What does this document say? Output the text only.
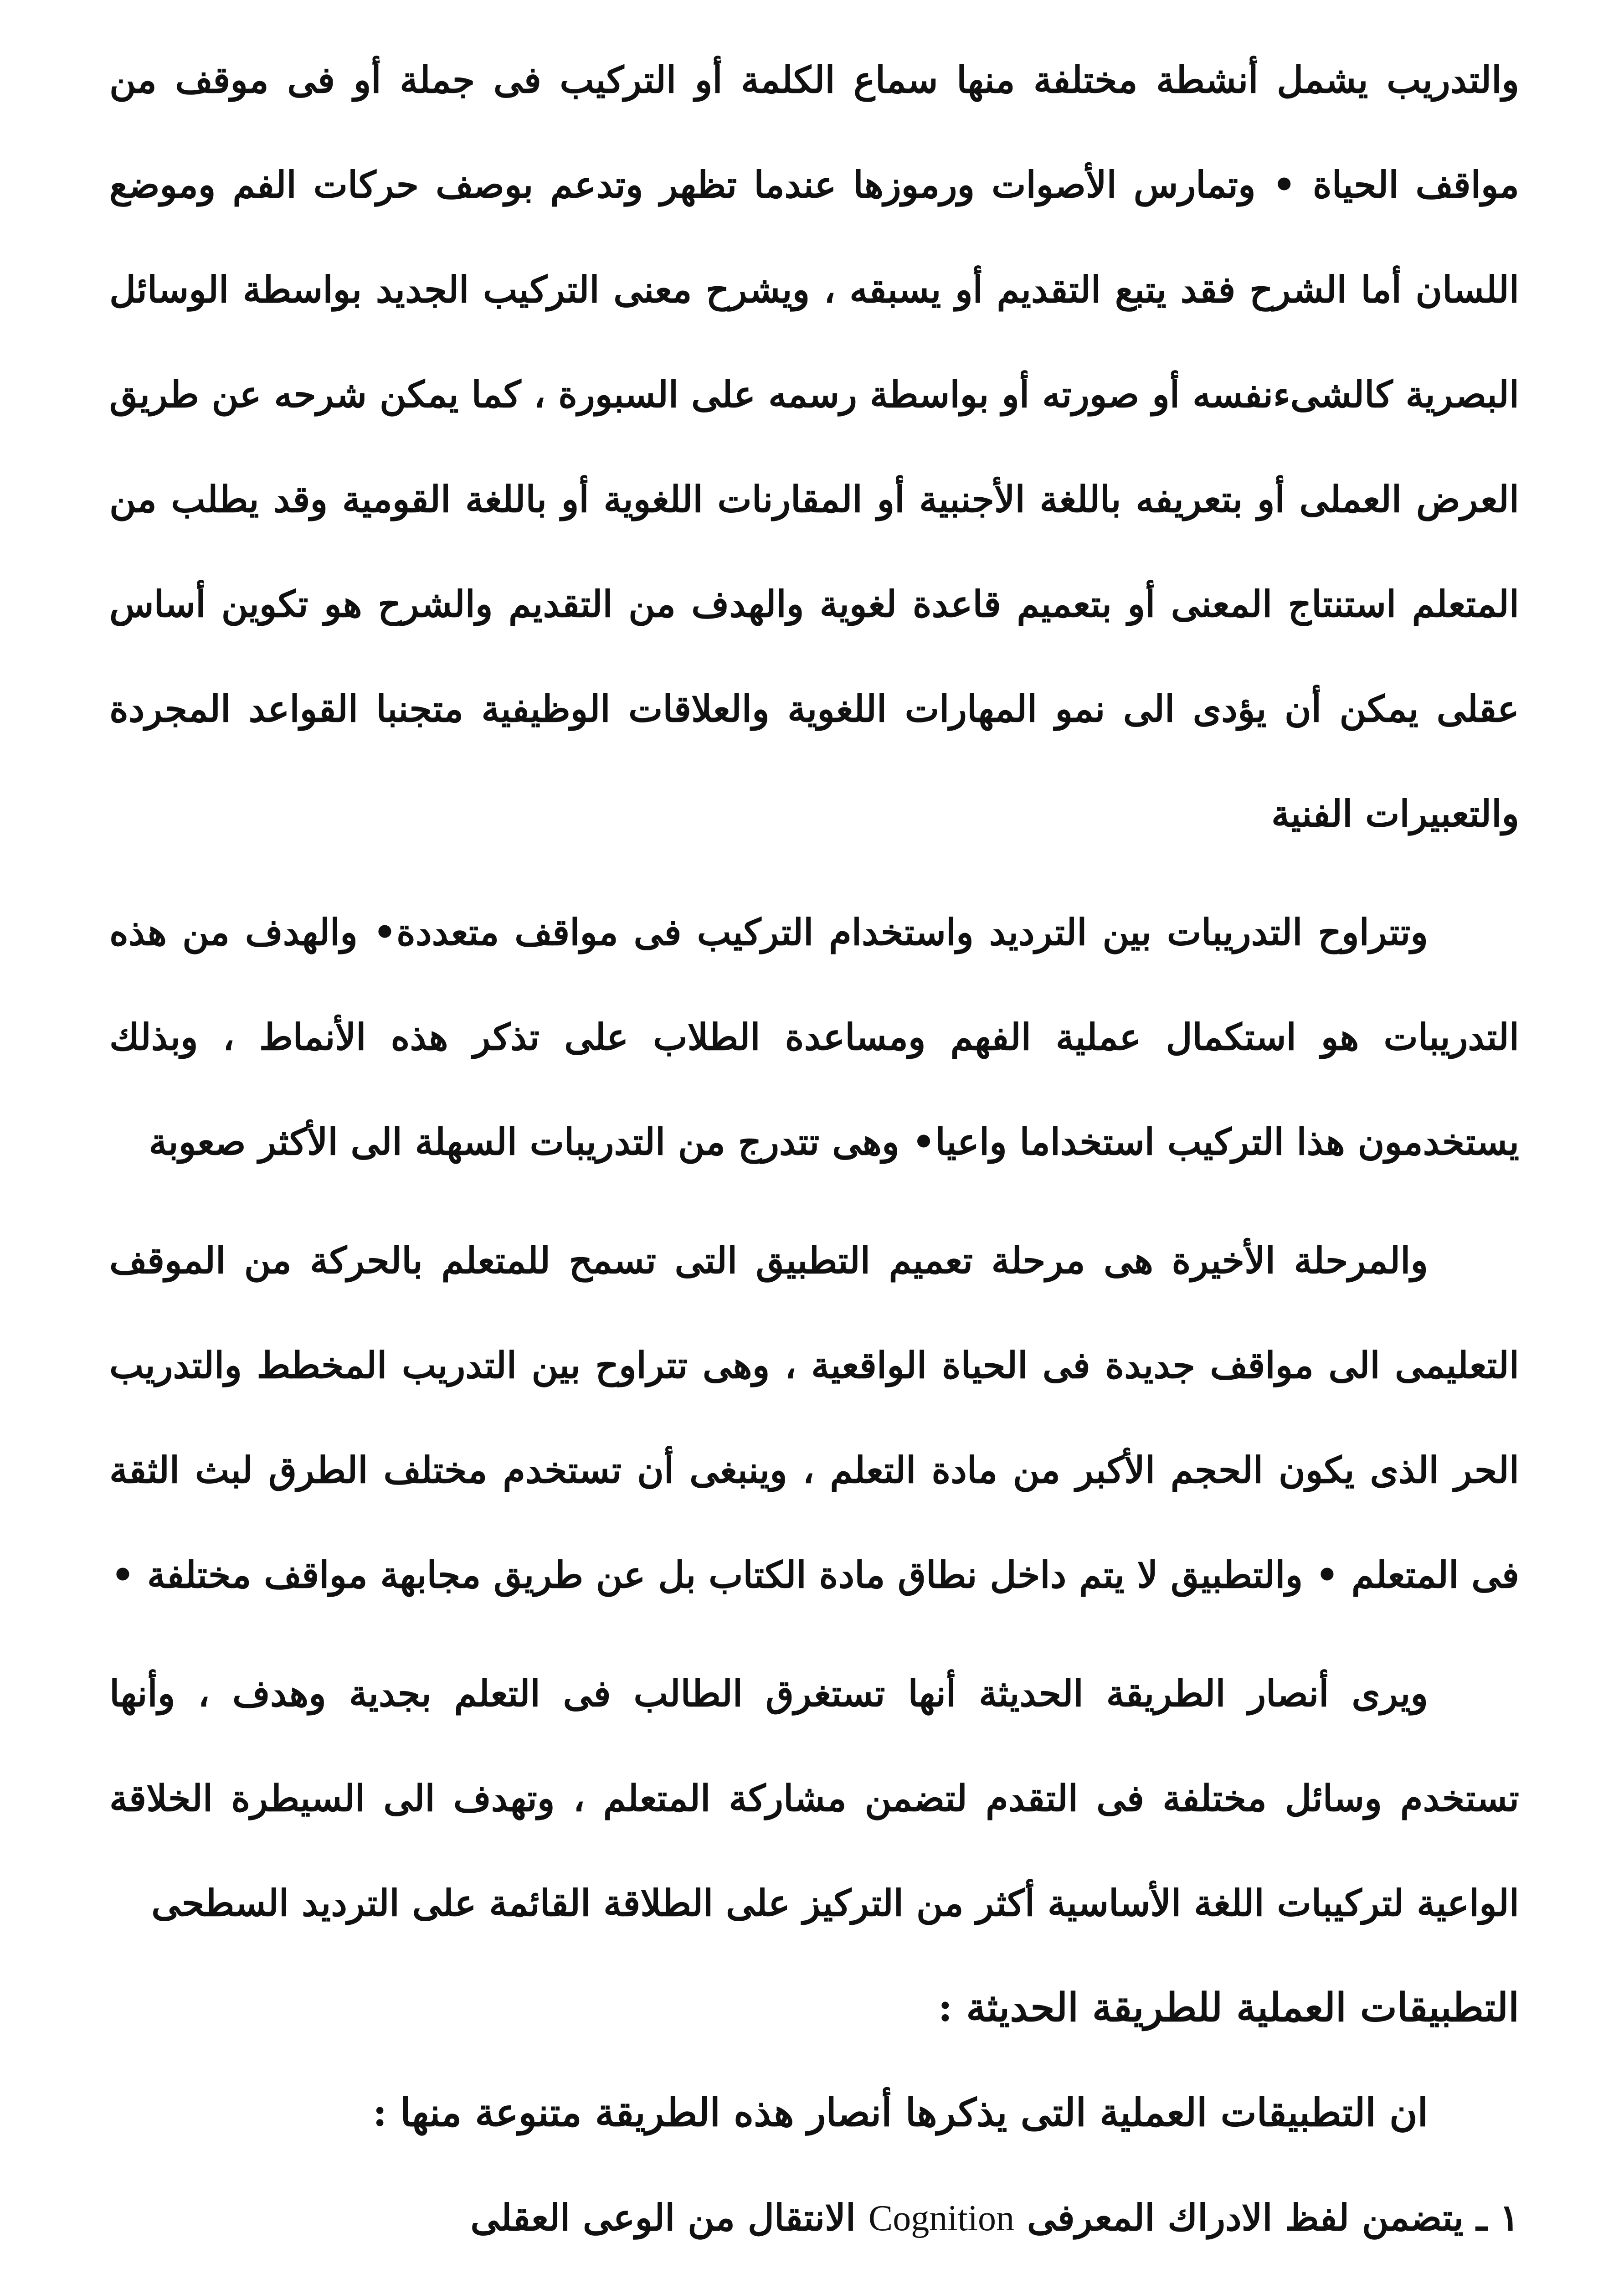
والتدريب يشمل أنشطة مختلفة منها سماع الكلمة أو التركيب فى جملة أو فى موقف من مواقف الحياة • وتمارس الأصوات ورموزها عندما تظهر وتدعم بوصف حركات الفم وموضع اللسان أما الشرح فقد يتبع التقديم أو يسبقه ، ويشرح معنى التركيب الجديد بواسطة الوسائل البصرية كالشىءنفسه أو صورته أو بواسطة رسمه على السبورة ، كما يمكن شرحه عن طريق العرض العملى أو بتعريفه باللغة الأجنبية أو المقارنات اللغوية أو باللغة القومية وقد يطلب من المتعلم استنتاج المعنى أو بتعميم قاعدة لغوية والهدف من التقديم والشرح هو تكوين أساس عقلى يمكن أن يؤدى الى نمو المهارات اللغوية والعلاقات الوظيفية متجنبا القواعد المجردة والتعبيرات الفنية

وتتراوح التدريبات بين الترديد واستخدام التركيب فى مواقف متعددة• والهدف من هذه التدريبات هو استكمال عملية الفهم ومساعدة الطلاب على تذكر هذه الأنماط ، وبذلك يستخدمون هذا التركيب استخداما واعيا• وهى تتدرج من التدريبات السهلة الى الأكثر صعوبة

والمرحلة الأخيرة هى مرحلة تعميم التطبيق التى تسمح للمتعلم بالحركة من الموقف التعليمى الى مواقف جديدة فى الحياة الواقعية ، وهى تتراوح بين التدريب المخطط والتدريب الحر الذى يكون الحجم الأكبر من مادة التعلم ، وينبغى أن تستخدم مختلف الطرق لبث الثقة فى المتعلم • والتطبيق لا يتم داخل نطاق مادة الكتاب بل عن طريق مجابهة مواقف مختلفة •

ويرى أنصار الطريقة الحديثة أنها تستغرق الطالب فى التعلم بجدية وهدف ، وأنها تستخدم وسائل مختلفة فى التقدم لتضمن مشاركة المتعلم ، وتهدف الى السيطرة الخلاقة الواعية لتركيبات اللغة الأساسية أكثر من التركيز على الطلاقة القائمة على الترديد السطحى

التطبيقات العملية للطريقة الحديثة :

ان التطبيقات العملية التى يذكرها أنصار هذه الطريقة متنوعة منها :

١ ـ يتضمن لفظ الادراك المعرفى Cognition الانتقال من الوعى العقلى
